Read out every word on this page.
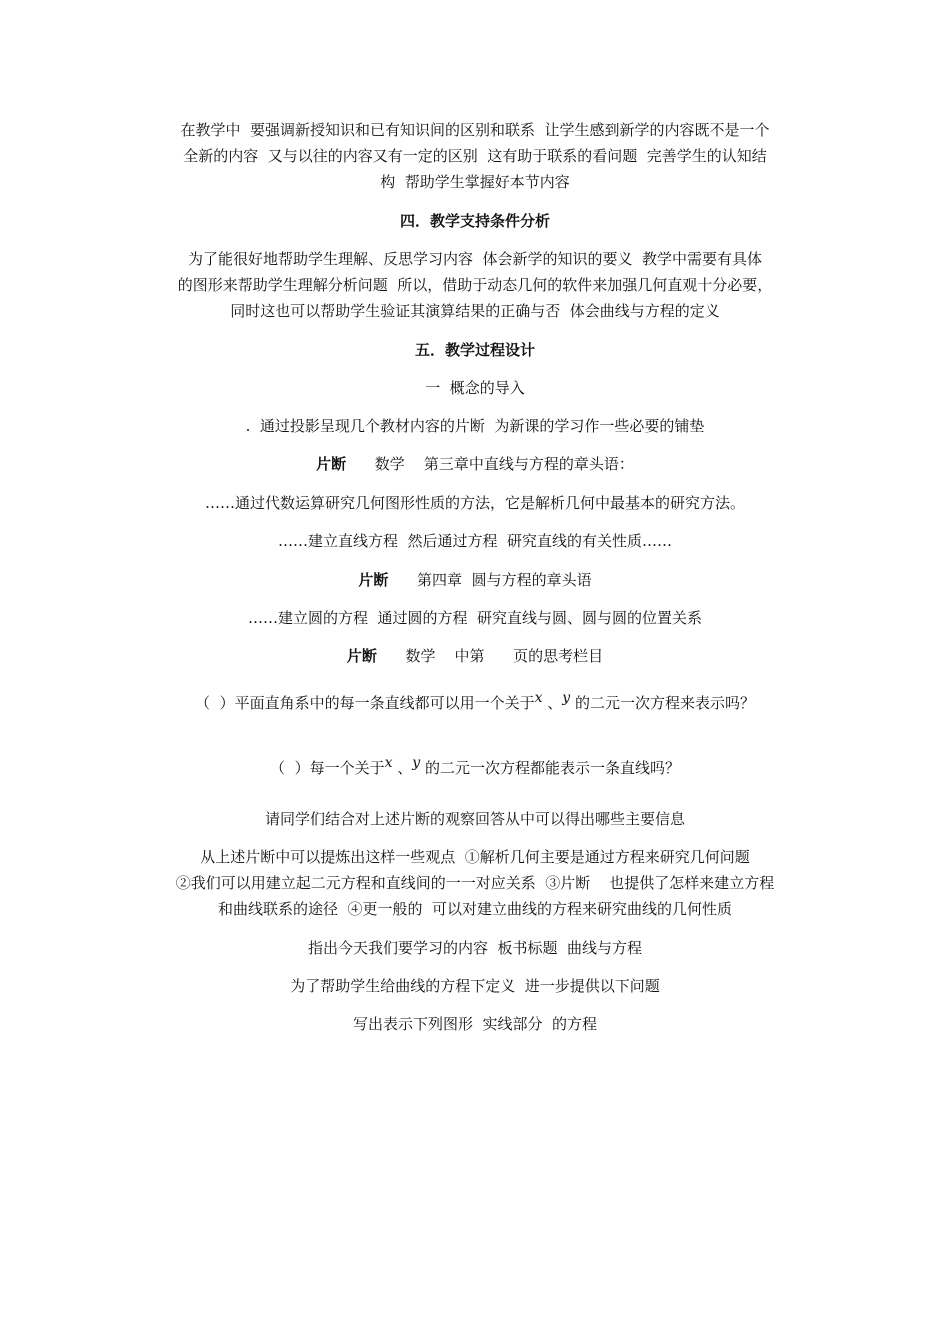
在教学中  要强调新授知识和已有知识间的区别和联系  让学生感到新学的内容既不是一个
全新的内容  又与以往的内容又有一定的区别  这有助于联系的看问题  完善学生的认知结
构  帮助学生掌握好本节内容
四．教学支持条件分析
为了能很好地帮助学生理解、反思学习内容  体会新学的知识的要义  教学中需要有具体
的图形来帮助学生理解分析问题  所以，借助于动态几何的软件来加强几何直观十分必要，
同时这也可以帮助学生验证其演算结果的正确与否  体会曲线与方程的定义
五．教学过程设计
一  概念的导入
.  通过投影呈现几个教材内容的片断  为新课的学习作一些必要的铺垫
片断 数学    第三章中直线与方程的章头语：
……通过代数运算研究几何图形性质的方法，它是解析几何中最基本的研究方法。
……建立直线方程  然后通过方程  研究直线的有关性质……
片断 第四章  圆与方程的章头语
……建立圆的方程  通过圆的方程  研究直线与圆、圆与圆的位置关系
片断 数学    中第      页的思考栏目
（  ）平面直角系中的每一条直线都可以用一个关于x 、y 的二元一次方程来表示吗？
（  ）每一个关于x 、y 的二元一次方程都能表示一条直线吗？
请同学们结合对上述片断的观察回答从中可以得出哪些主要信息
从上述片断中可以提炼出这样一些观点  ①解析几何主要是通过方程来研究几何问题
②我们可以用建立起二元方程和直线间的一一对应关系  ③片断    也提供了怎样来建立方程
和曲线联系的途径  ④更一般的  可以对建立曲线的方程来研究曲线的几何性质
指出今天我们要学习的内容  板书标题  曲线与方程
为了帮助学生给曲线的方程下定义  进一步提供以下问题
写出表示下列图形  实线部分  的方程
